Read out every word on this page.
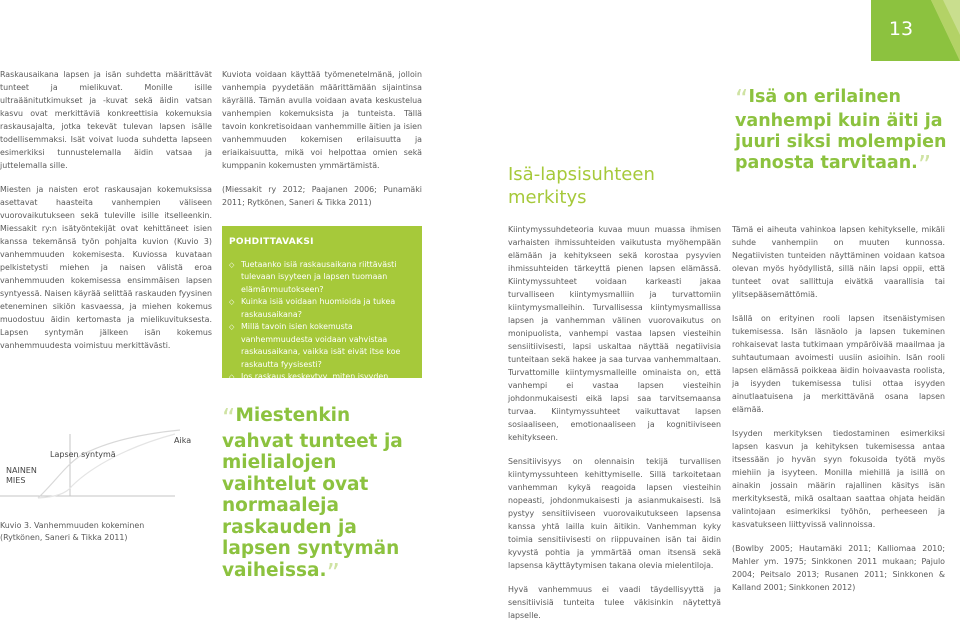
13

Raskausaikana lapsen ja isän suhdetta määrittävät tunteet ja mielikuvat. Monille isille ultraäänitutkimukset ja -kuvat sekä äidin vatsan kasvu ovat merkittäviä konkreettisia kokemuksia raskausajalta, jotka tekevät tulevan lapsen isälle todellisemmaksi. Isät voivat luoda suhdetta lapseen esimerkiksi tunnustelemalla äidin vatsaa ja juttelemalla sille.

Miesten ja naisten erot raskausajan kokemuksissa asettavat haasteita vanhempien väliseen vuorovaikutukseen sekä tuleville isille itselleenkin. Miessakit ry:n isätyöntekijät ovat kehittäneet isien kanssa tekemänsä työn pohjalta kuvion (Kuvio 3) vanhemmuuden kokemisesta. Kuviossa kuvataan pelkistetysti miehen ja naisen välistä eroa vanhemmuuden kokemisessa ensimmäisen lapsen syntyessä. Naisen käyrää selittää raskauden fyysinen eteneminen sikiön kasvaessa, ja miehen kokemus muodostuu äidin kertomasta ja mielikuvituksesta. Lapsen syntymän jälkeen isän kokemus vanhemmuudesta voimistuu merkittävästi.

NAINEN
MIES
Lapsen syntymä
Aika
Kuvio 3. Vanhemmuuden kokeminen
(Rytkönen, Saneri & Tikka 2011)

Kuviota voidaan käyttää työmenetelmänä, jolloin vanhempia pyydetään määrittämään sijaintinsa käyrällä. Tämän avulla voidaan avata keskustelua vanhempien kokemuksista ja tunteista. Tällä tavoin konkretisoidaan vanhemmille äitien ja isien vanhemmuuden kokemisen erilaisuutta ja eriaikaisuutta, mikä voi helpottaa omien sekä kumppanin kokemusten ymmärtämistä.

(Miessakit ry 2012; Paajanen 2006; Punamäki 2011; Rytkönen, Saneri & Tikka 2011)

POHDITTAVAKSI
◇ Tuetaanko isiä raskausaikana riittävästi tulevaan isyyteen ja lapsen tuomaan elämänmuutokseen?
◇ Kuinka isiä voidaan huomioida ja tukea raskausaikana?
◇ Millä tavoin isien kokemusta vanhemmuudesta voidaan vahvistaa raskausaikana, vaikka isät eivät itse koe raskautta fyysisesti?
◇ Jos raskaus keskeytyy, miten isyyden menettämistä voidaan tukea ja käsitellä?
“Miestenkin vahvat tunteet ja mielialojen vaihtelut ovat normaaleja raskauden ja lapsen syntymän vaiheissa.”
Isä-lapsisuhteen
merkitys
“Isä on erilainen vanhempi kuin äiti ja juuri siksi molempien panosta tarvitaan.”

Kiintymyssuhdeteoria kuvaa muun muassa ihmisen varhaisten ihmissuhteiden vaikutusta myöhempään elämään ja kehitykseen sekä korostaa pysyvien ihmissuhteiden tärkeyttä pienen lapsen elämässä. Kiintymyssuhteet voidaan karkeasti jakaa turvalliseen kiintymysmalliin ja turvattomiin kiintymysmalleihin. Turvallisessa kiintymysmallissa lapsen ja vanhemman välinen vuorovaikutus on monipuolista, vanhempi vastaa lapsen viesteihin sensiitiivisesti, lapsi uskaltaa näyttää negatiivisia tunteitaan sekä hakee ja saa turvaa vanhemmaltaan. Turvattomille kiintymysmalleille ominaista on, että vanhempi ei vastaa lapsen viesteihin johdonmukaisesti eikä lapsi saa tarvitsemaansa turvaa. Kiintymyssuhteet vaikuttavat lapsen sosiaaliseen, emotionaaliseen ja kognitiiviseen kehitykseen.

Sensitiivisyys on olennaisin tekijä turvallisen kiintymyssuhteen kehittymiselle. Sillä tarkoitetaan vanhemman kykyä reagoida lapsen viesteihin nopeasti, johdonmukaisesti ja asianmukaisesti. Isä pystyy sensitiiviseen vuorovaikutukseen lapsensa kanssa yhtä lailla kuin äitikin. Vanhemman kyky toimia sensitiivisesti on riippuvainen isän tai äidin kyvystä pohtia ja ymmärtää oman itsensä sekä lapsensa käyttäytymisen takana olevia mielentiloja.

Hyvä vanhemmuus ei vaadi täydellisyyttä ja sensitiivisiä tunteita tulee väkisinkin näytettyä lapselle.

Tämä ei aiheuta vahinkoa lapsen kehitykselle, mikäli suhde vanhempiin on muuten kunnossa. Negatiivisten tunteiden näyttäminen voidaan katsoa olevan myös hyödyllistä, sillä näin lapsi oppii, että tunteet ovat sallittuja eivätkä vaarallisia tai ylitsepääsemättömiä.

Isällä on erityinen rooli lapsen itsenäistymisen tukemisessa. Isän läsnäolo ja lapsen tukeminen rohkaisevat lasta tutkimaan ympäröivää maailmaa ja suhtautumaan avoimesti uusiin asioihin. Isän rooli lapsen elämässä poikkeaa äidin hoivaavasta roolista, ja isyyden tukemisessa tulisi ottaa isyyden ainutlaatuisena ja merkittävänä osana lapsen elämää.

Isyyden merkityksen tiedostaminen esimerkiksi lapsen kasvun ja kehityksen tukemisessa antaa itsessään jo hyvän syyn fokusoida työtä myös miehiin ja isyyteen. Monilla miehillä ja isillä on ainakin jossain määrin rajallinen käsitys isän merkityksestä, mikä osaltaan saattaa ohjata heidän valintojaan esimerkiksi työhön, perheeseen ja kasvatukseen liittyvissä valinnoissa.

(Bowlby 2005; Hautamäki 2011; Kalliomaa 2010; Mahler ym. 1975; Sinkkonen 2011 mukaan; Pajulo 2004; Peitsalo 2013; Rusanen 2011; Sinkkonen & Kalland 2001; Sinkkonen 2012)
